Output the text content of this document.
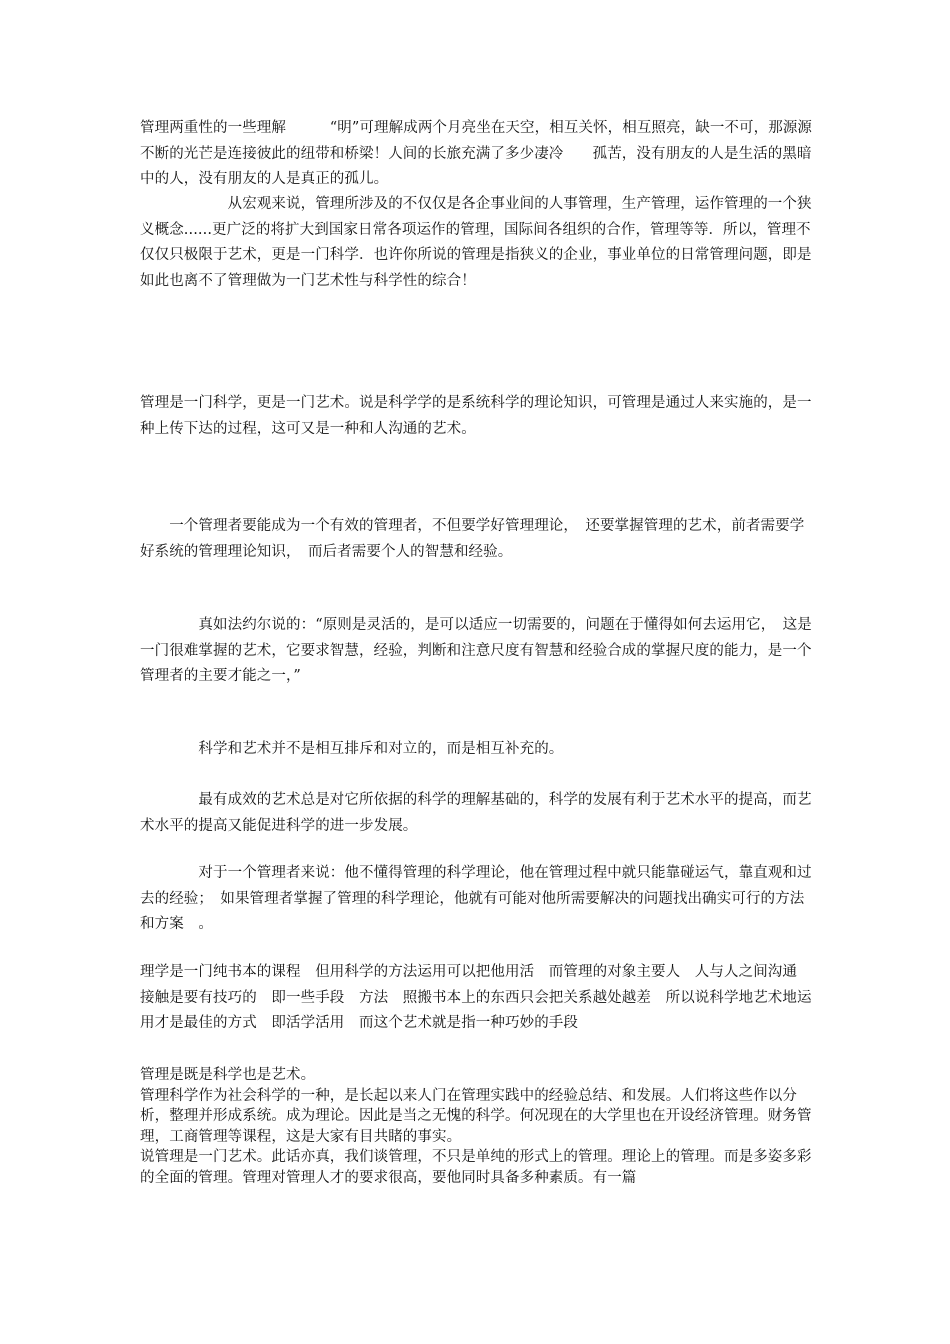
管理两重性的一些理解　　　“明”可理解成两个月亮坐在天空，相互关怀，相互照亮，缺一不可，那源源不断的光芒是连接彼此的纽带和桥梁！人间的长旅充满了多少凄冷　　孤苦，没有朋友的人是生活的黑暗中的人，没有朋友的人是真正的孤儿。

　　　　　　从宏观来说，管理所涉及的不仅仅是各企事业间的人事管理，生产管理，运作管理的一个狭义概念......更广泛的将扩大到国家日常各项运作的管理，国际间各组织的合作，管理等等．所以，管理不仅仅只极限于艺术，更是一门科学．也许你所说的管理是指狭义的企业，事业单位的日常管理问题，即是如此也离不了管理做为一门艺术性与科学性的综合！

管理是一门科学，更是一门艺术。说是科学学的是系统科学的理论知识，可管理是通过人来实施的，是一种上传下达的过程，这可又是一种和人沟通的艺术。

　　一个管理者要能成为一个有效的管理者，不但要学好管理理论，　还要掌握管理的艺术，前者需要学好系统的管理理论知识，　而后者需要个人的智慧和经验。

　　　　真如法约尔说的：“原则是灵活的，是可以适应一切需要的，问题在于懂得如何去运用它，　这是一门很难掌握的艺术，它要求智慧，经验，判断和注意尺度有智慧和经验合成的掌握尺度的能力，是一个管理者的主要才能之一，”

　　　　科学和艺术并不是相互排斥和对立的，而是相互补充的。

　　　　最有成效的艺术总是对它所依据的科学的理解基础的，科学的发展有利于艺术水平的提高，而艺术水平的提高又能促进科学的进一步发展。

　　　　对于一个管理者来说：他不懂得管理的科学理论，他在管理过程中就只能靠碰运气，靠直观和过去的经验；　如果管理者掌握了管理的科学理论，他就有可能对他所需要解决的问题找出确实可行的方法和方案　。

理学是一门纯书本的课程　但用科学的方法运用可以把他用活　而管理的对象主要人　人与人之间沟通　接触是要有技巧的　即一些手段　方法　照搬书本上的东西只会把关系越处越差　所以说科学地艺术地运用才是最佳的方式　即活学活用　而这个艺术就是指一种巧妙的手段

管理是既是科学也是艺术。
管理科学作为社会科学的一种，是长起以来人门在管理实践中的经验总结、和发展。人们将这些作以分析，整理并形成系统。成为理论。因此是当之无愧的科学。何况现在的大学里也在开设经济管理。财务管理，工商管理等课程，这是大家有目共睹的事实。
说管理是一门艺术。此话亦真，我们谈管理，不只是单纯的形式上的管理。理论上的管理。而是多姿多彩的全面的管理。管理对管理人才的要求很高，要他同时具备多种素质。有一篇
